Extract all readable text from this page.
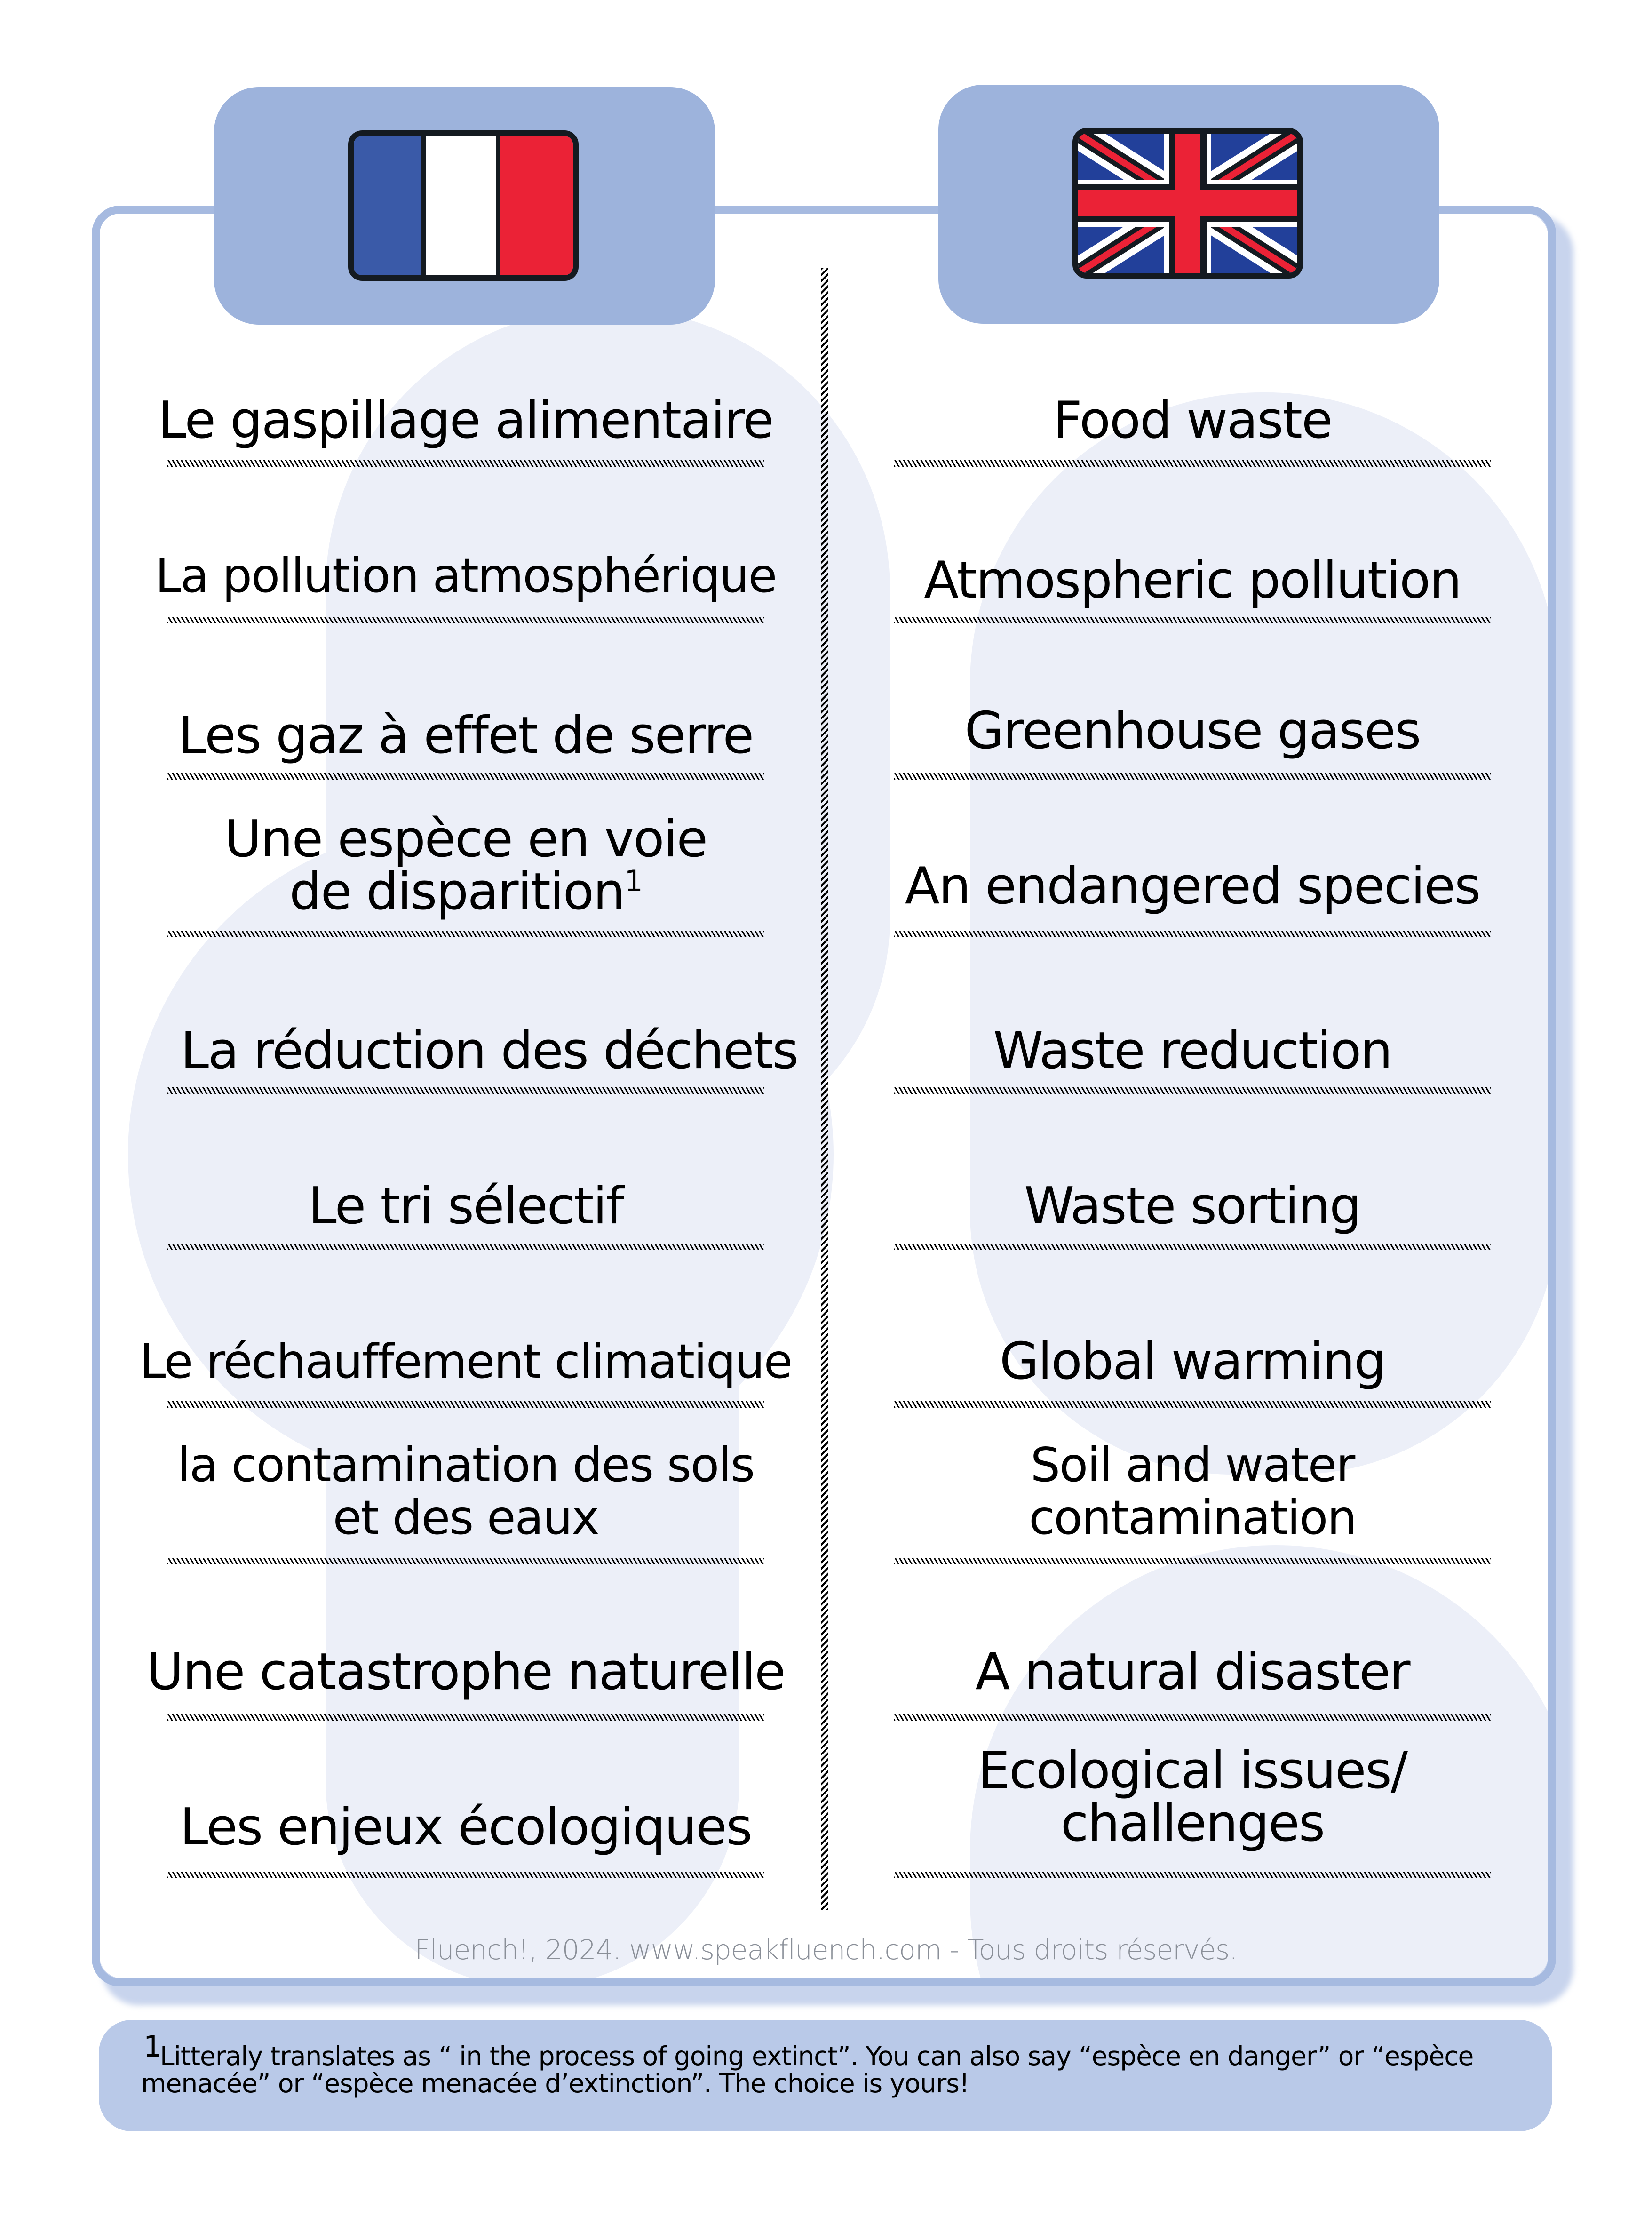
Le gaspillage alimentaire
La pollution atmosphérique
Les gaz à effet de serre
Une espèce en voie
de disparition$^1$
La réduction des déchets
Le tri sélectif
Le réchauffement climatique
la contamination des sols
et des eaux
Une catastrophe naturelle
Les enjeux écologiques
Food waste
Atmospheric pollution
Greenhouse gases
An endangered species
Waste reduction
Waste sorting
Global warming
Soil and water
contamination
A natural disaster
Ecological issues/
challenges
Fluench!, 2024. www.speakfluench.com - Tous droits réservés.
1
Litteraly translates as “ in the process of going extinct”. You can also say “espèce en danger” or “espèce menacée” or “espèce menacée d’extinction”. The choice is yours!
